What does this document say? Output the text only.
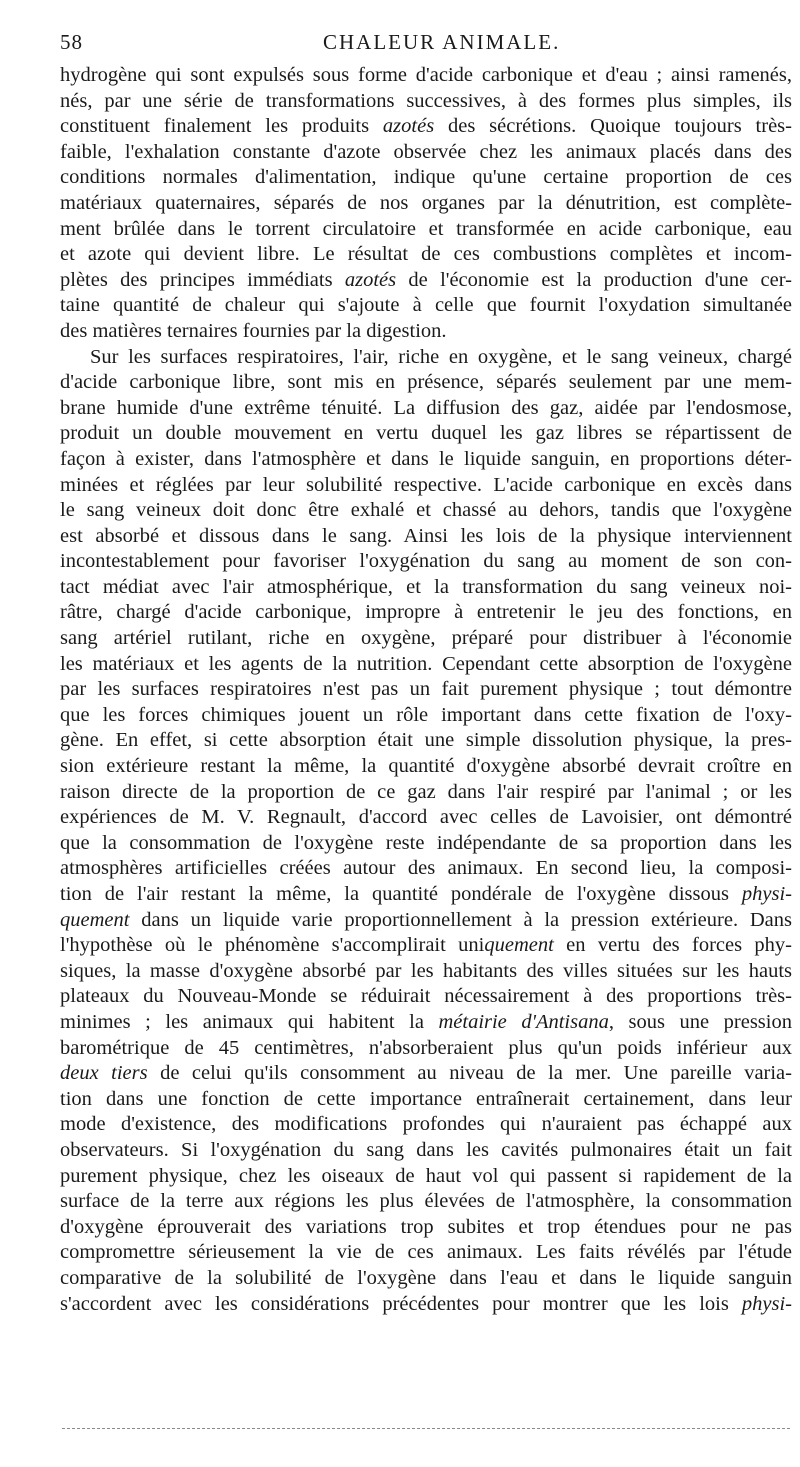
58	CHALEUR ANIMALE.
hydrogène qui sont expulsés sous forme d'acide carbonique et d'eau ; ainsi ramenés,
nés, par une série de transformations successives, à des formes plus simples, ils
constituent finalement les produits azotés des sécrétions. Quoique toujours très-
faible, l'exhalation constante d'azote observée chez les animaux placés dans des
conditions normales d'alimentation, indique qu'une certaine proportion de ces
matériaux quaternaires, séparés de nos organes par la dénutrition, est complète-
ment brûlée dans le torrent circulatoire et transformée en acide carbonique, eau
et azote qui devient libre. Le résultat de ces combustions complètes et incom-
plètes des principes immédiats azotés de l'économie est la production d'une cer-
taine quantité de chaleur qui s'ajoute à celle que fournit l'oxydation simultanée
des matières ternaires fournies par la digestion.
Sur les surfaces respiratoires, l'air, riche en oxygène, et le sang veineux, chargé
d'acide carbonique libre, sont mis en présence, séparés seulement par une mem-
brane humide d'une extrême ténuité. La diffusion des gaz, aidée par l'endosmose,
produit un double mouvement en vertu duquel les gaz libres se répartissent de
façon à exister, dans l'atmosphère et dans le liquide sanguin, en proportions déter-
minées et réglées par leur solubilité respective. L'acide carbonique en excès dans
le sang veineux doit donc être exhalé et chassé au dehors, tandis que l'oxygène
est absorbé et dissous dans le sang. Ainsi les lois de la physique interviennent
incontestablement pour favoriser l'oxygénation du sang au moment de son con-
tact médiat avec l'air atmosphérique, et la transformation du sang veineux noi-
râtre, chargé d'acide carbonique, impropre à entretenir le jeu des fonctions, en
sang artériel rutilant, riche en oxygène, préparé pour distribuer à l'économie
les matériaux et les agents de la nutrition. Cependant cette absorption de l'oxygène
par les surfaces respiratoires n'est pas un fait purement physique ; tout démontre
que les forces chimiques jouent un rôle important dans cette fixation de l'oxy-
gène. En effet, si cette absorption était une simple dissolution physique, la pres-
sion extérieure restant la même, la quantité d'oxygène absorbé devrait croître en
raison directe de la proportion de ce gaz dans l'air respiré par l'animal ; or les
expériences de M. V. Regnault, d'accord avec celles de Lavoisier, ont démontré
que la consommation de l'oxygène reste indépendante de sa proportion dans les
atmosphères artificielles créées autour des animaux. En second lieu, la composi-
tion de l'air restant la même, la quantité pondérale de l'oxygène dissous physi-
quement dans un liquide varie proportionnellement à la pression extérieure. Dans
l'hypothèse où le phénomène s'accomplirait uniquement en vertu des forces phy-
siques, la masse d'oxygène absorbé par les habitants des villes situées sur les hauts
plateaux du Nouveau-Monde se réduirait nécessairement à des proportions très-
minimes ; les animaux qui habitent la métairie d'Antisana, sous une pression
barométrique de 45 centimètres, n'absorberaient plus qu'un poids inférieur aux
deux tiers de celui qu'ils consomment au niveau de la mer. Une pareille varia-
tion dans une fonction de cette importance entraînerait certainement, dans leur
mode d'existence, des modifications profondes qui n'auraient pas échappé aux
observateurs. Si l'oxygénation du sang dans les cavités pulmonaires était un fait
purement physique, chez les oiseaux de haut vol qui passent si rapidement de la
surface de la terre aux régions les plus élevées de l'atmosphère, la consommation
d'oxygène éprouverait des variations trop subites et trop étendues pour ne pas
compromettre sérieusement la vie de ces animaux. Les faits révélés par l'étude
comparative de la solubilité de l'oxygène dans l'eau et dans le liquide sanguin
s'accordent avec les considérations précédentes pour montrer que les lois physi-
